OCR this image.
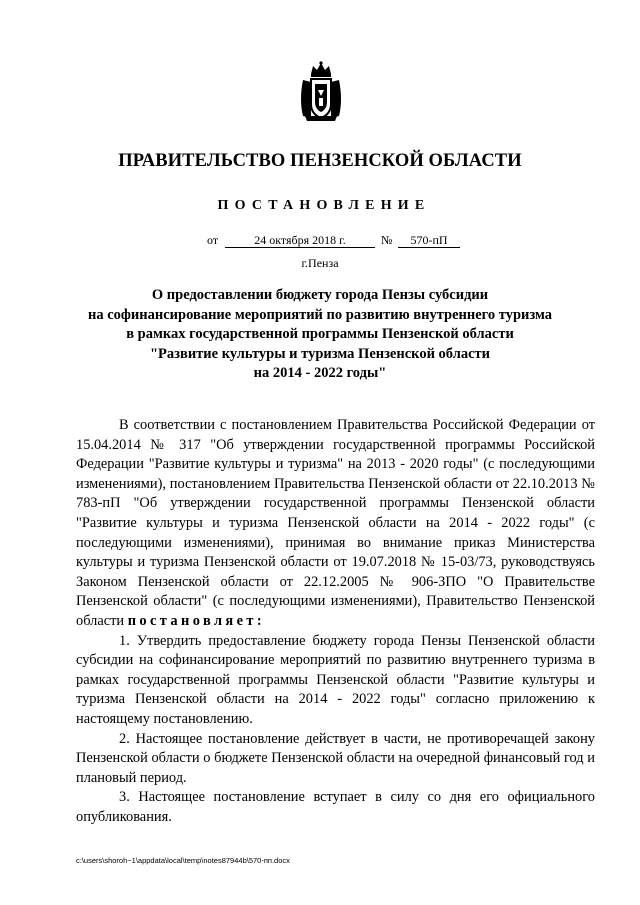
ПРАВИТЕЛЬСТВО ПЕНЗЕНСКОЙ ОБЛАСТИ
ПОСТАНОВЛЕНИЕ
от	24 октября 2018 г.	№	570-пП
г.Пенза
О предоставлении бюджету города Пензы субсидии
на софинансирование мероприятий по развитию внутреннего туризма
в рамках государственной программы Пензенской области
"Развитие культуры и туризма Пензенской области
на 2014 - 2022 годы"

В соответствии с постановлением Правительства Российской Федерации от 15.04.2014 № 317 "Об утверждении государственной программы Российской Федерации "Развитие культуры и туризма" на 2013 - 2020 годы" (с последующими изменениями), постановлением Правительства Пензенской области от 22.10.2013 № 783-пП "Об утверждении государственной программы Пензенской области "Развитие культуры и туризма Пензенской области на 2014 - 2022 годы" (с последующими изменениями), принимая во внимание приказ Министерства культуры и туризма Пензенской области от 19.07.2018 № 15-03/73, руководствуясь Законом Пензенской области от 22.12.2005 № 906-ЗПО "О Правительстве Пензенской области" (с последующими изменениями), Правительство Пензенской области постановляет:

1. Утвердить предоставление бюджету города Пензы Пензенской области субсидии на софинансирование мероприятий по развитию внутреннего туризма в рамках государственной программы Пензенской области "Развитие культуры и туризма Пензенской области на 2014 - 2022 годы" согласно приложению к настоящему постановлению.

2. Настоящее постановление действует в части, не противоречащей закону Пензенской области о бюджете Пензенской области на очередной финансовый год и плановый период.

3. Настоящее постановление вступает в силу со дня его официального опубликования.

c:\users\shoroh~1\appdata\local\temp\notes87944b\570-пп.docx
